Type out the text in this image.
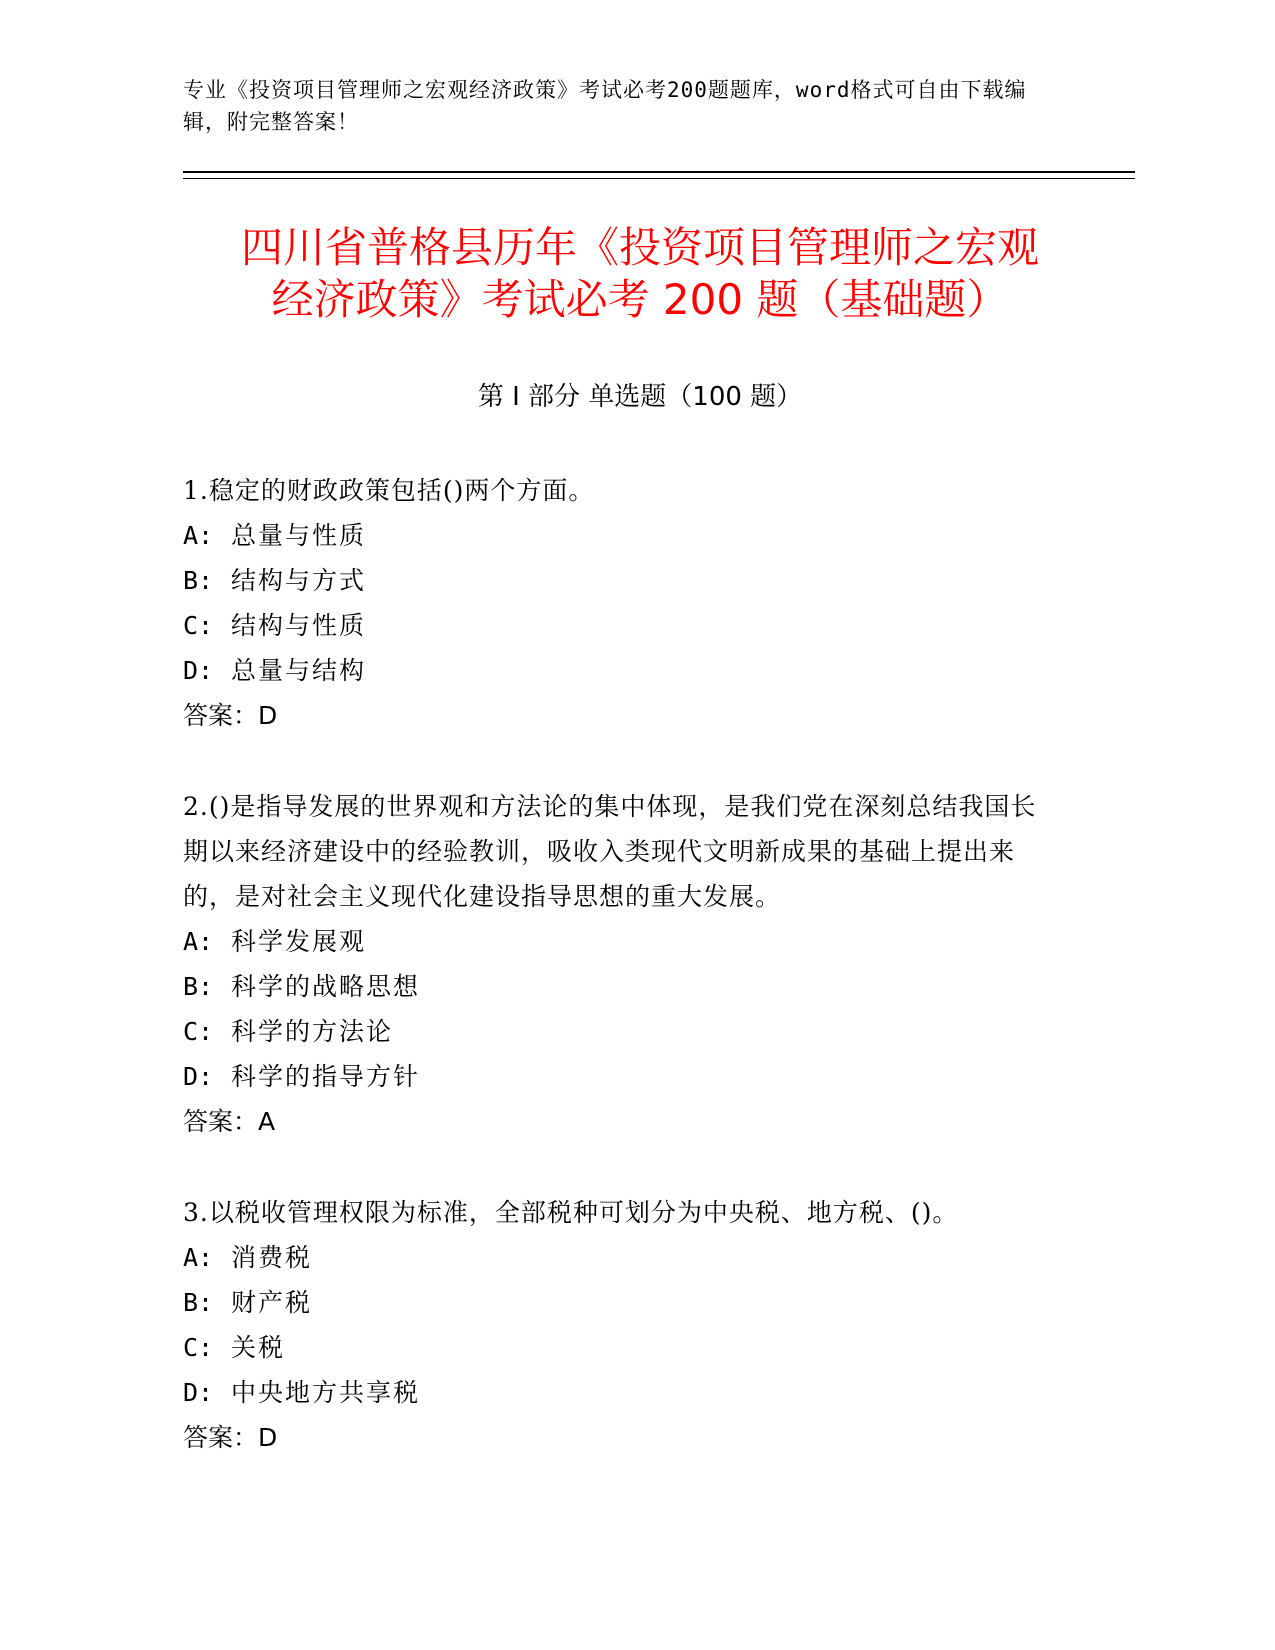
专业《投资项目管理师之宏观经济政策》考试必考200题题库，word格式可自由下载编辑，附完整答案！
四川省普格县历年《投资项目管理师之宏观
经济政策》考试必考 200 题（基础题）
第 I 部分 单选题（100 题）
1.稳定的财政政策包括()两个方面。
A: 总量与性质
B: 结构与方式
C: 结构与性质
D: 总量与结构
答案：D
2.()是指导发展的世界观和方法论的集中体现，是我们党在深刻总结我国长期以来经济建设中的经验教训，吸收入类现代文明新成果的基础上提出来的，是对社会主义现代化建设指导思想的重大发展。
A: 科学发展观
B: 科学的战略思想
C: 科学的方法论
D: 科学的指导方针
答案：A
3.以税收管理权限为标准，全部税种可划分为中央税、地方税、()。
A: 消费税
B: 财产税
C: 关税
D: 中央地方共享税
答案：D
